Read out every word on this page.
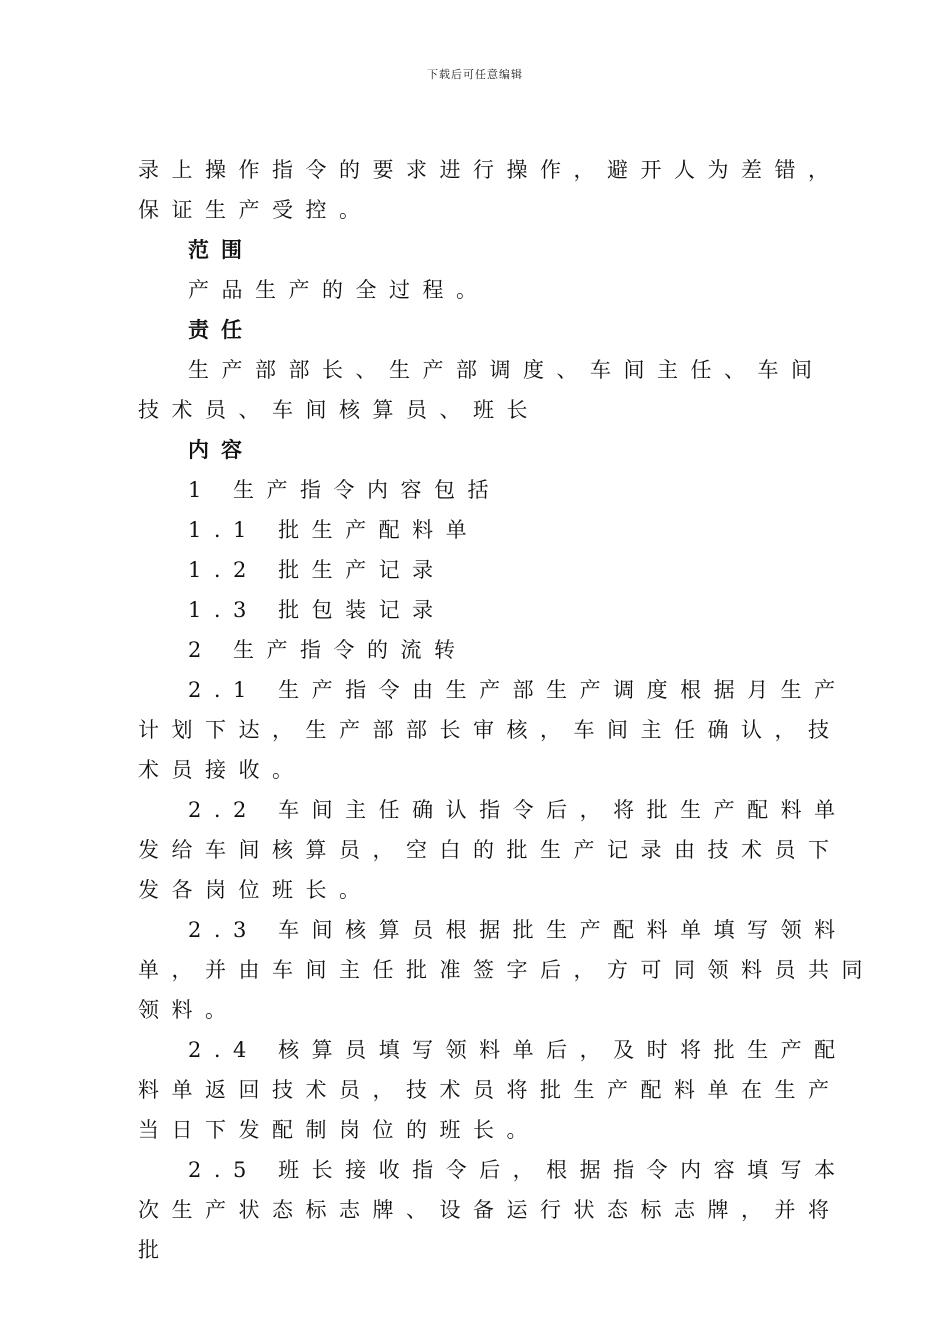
下载后可任意编辑

录上操作指令的要求进行操作，避开人为差错，保证生产受控。

范围

产品生产的全过程。

责任

生产部部长、生产部调度、车间主任、车间技术员、车间核算员、班长

内容

1 生产指令内容包括

1.1 批生产配料单

1.2 批生产记录

1.3 批包装记录

2 生产指令的流转

2.1 生产指令由生产部生产调度根据月生产计划下达，生产部部长审核，车间主任确认，技术员接收。

2.2 车间主任确认指令后，将批生产配料单发给车间核算员，空白的批生产记录由技术员下发各岗位班长。

2.3 车间核算员根据批生产配料单填写领料单，并由车间主任批准签字后，方可同领料员共同领料。

2.4 核算员填写领料单后，及时将批生产配料单返回技术员，技术员将批生产配料单在生产当日下发配制岗位的班长。

2.5 班长接收指令后，根据指令内容填写本次生产状态标志牌、设备运行状态标志牌，并将批
